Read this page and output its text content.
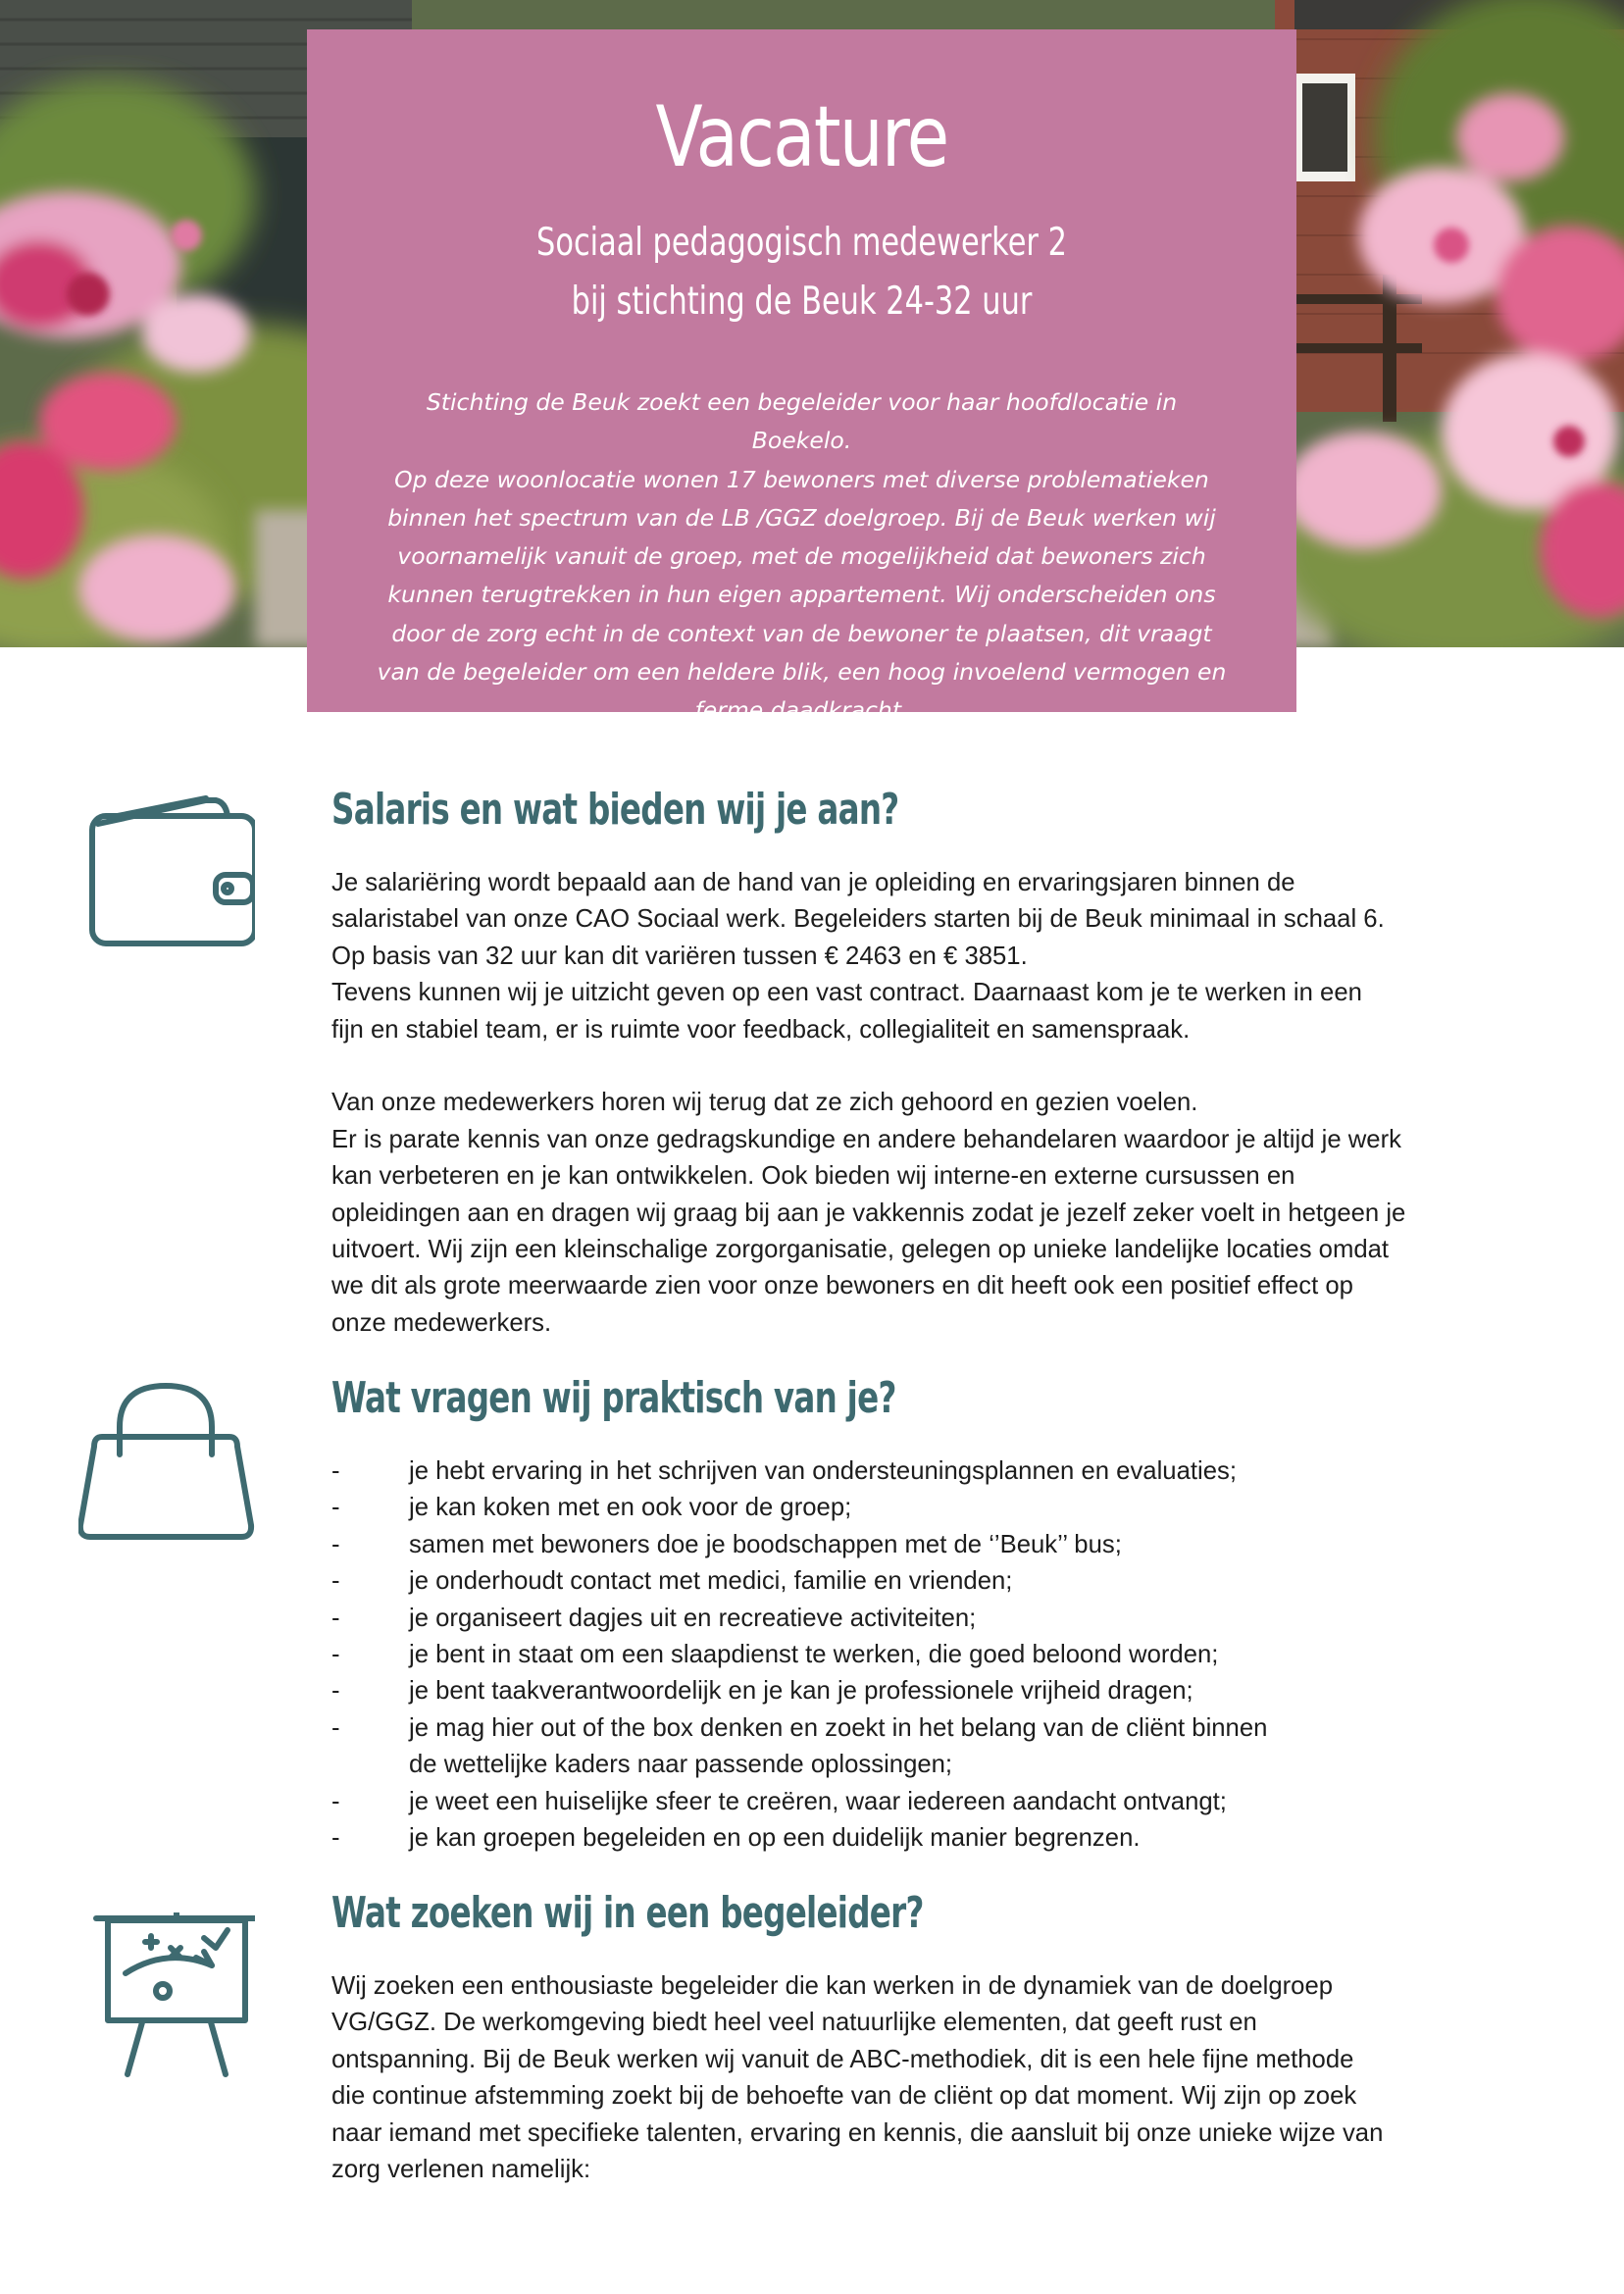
Vacature
Sociaal pedagogisch medewerker 2
bij stichting de Beuk 24-32 uur
Stichting de Beuk zoekt een begeleider voor haar hoofdlocatie in Boekelo.
Op deze woonlocatie wonen 17 bewoners met diverse problematieken
binnen het spectrum van de LB /GGZ doelgroep. Bij de Beuk werken wij
voornamelijk vanuit de groep, met de mogelijkheid dat bewoners zich
kunnen terugtrekken in hun eigen appartement. Wij onderscheiden ons
door de zorg echt in de context van de bewoner te plaatsen, dit vraagt
van de begeleider om een heldere blik, een hoog invoelend vermogen en
ferme daadkracht.
Salaris en wat bieden wij je aan?
Je salariëring wordt bepaald aan de hand van je opleiding en ervaringsjaren binnen de
salaristabel van onze CAO Sociaal werk. Begeleiders starten bij de Beuk minimaal in schaal 6.
Op basis van 32 uur kan dit variëren tussen € 2463 en € 3851.
Tevens kunnen wij je uitzicht geven op een vast contract. Daarnaast kom je te werken in een
fijn en stabiel team, er is ruimte voor feedback, collegialiteit en samenspraak.

Van onze medewerkers horen wij terug dat ze zich gehoord en gezien voelen.
Er is parate kennis van onze gedragskundige en andere behandelaren waardoor je altijd je werk
kan verbeteren en je kan ontwikkelen. Ook bieden wij interne-en externe cursussen en
opleidingen aan en dragen wij graag bij aan je vakkennis zodat je jezelf zeker voelt in hetgeen je
uitvoert. Wij zijn een kleinschalige zorgorganisatie, gelegen op unieke landelijke locaties omdat
we dit als grote meerwaarde zien voor onze bewoners en dit heeft ook een positief effect op
onze medewerkers.
Wat vragen wij praktisch van je?
-	je hebt ervaring in het schrijven van ondersteuningsplannen en evaluaties;
-	je kan koken met en ook voor de groep;
-	samen met bewoners doe je boodschappen met de ‘’Beuk’’ bus;
-	je onderhoudt contact met medici, familie en vrienden;
-	je organiseert dagjes uit en recreatieve activiteiten;
-	je bent in staat om een slaapdienst te werken, die goed beloond worden;
-	je bent taakverantwoordelijk en je kan je professionele vrijheid dragen;
-	je mag hier out of the box denken en zoekt in het belang van de cliënt binnen
de wettelijke kaders naar passende oplossingen;
-	je weet een huiselijke sfeer te creëren, waar iedereen aandacht ontvangt;
-	je kan groepen begeleiden en op een duidelijk manier begrenzen.
Wat zoeken wij in een begeleider?
Wij zoeken een enthousiaste begeleider die kan werken in de dynamiek van de doelgroep
VG/GGZ. De werkomgeving biedt heel veel natuurlijke elementen, dat geeft rust en
ontspanning. Bij de Beuk werken wij vanuit de ABC-methodiek, dit is een hele fijne methode
die continue afstemming zoekt bij de behoefte van de cliënt op dat moment. Wij zijn op zoek
naar iemand met specifieke talenten, ervaring en kennis, die aansluit bij onze unieke wijze van
zorg verlenen namelijk:
